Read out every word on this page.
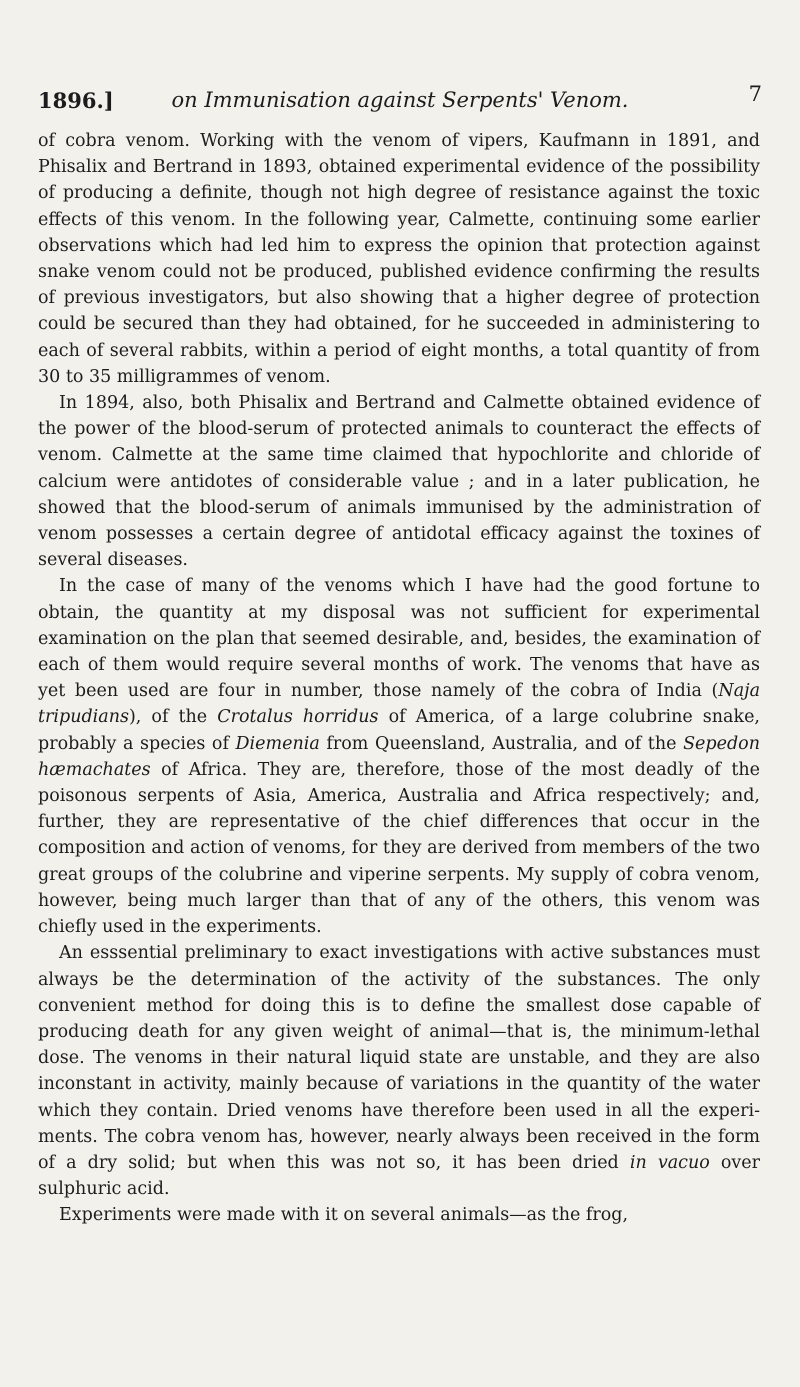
1896.]	on Immunisation against Serpents' Venom.	7

of cobra venom. Working with the venom of vipers, Kaufmann in 1891, and Phisalix and Bertrand in 1893, obtained experimental evidence of the possibility of producing a definite, though not high degree of resistance against the toxic effects of this venom. In the following year, Calmette, continuing some earlier observations which had led him to express the opinion that protection against snake venom could not be produced, published evidence confirming the results of previous investigators, but also showing that a higher degree of protection could be secured than they had obtained, for he succeeded in administering to each of several rabbits, within a period of eight months, a total quantity of from 30 to 35 milligrammes of venom.

In 1894, also, both Phisalix and Bertrand and Calmette obtained evidence of the power of the blood-serum of protected animals to counteract the effects of venom. Calmette at the same time claimed that hypochlorite and chloride of calcium were antidotes of considerable value ; and in a later publication, he showed that the blood-serum of animals immunised by the administration of venom possesses a certain degree of antidotal efficacy against the toxines of several diseases.

In the case of many of the venoms which I have had the good fortune to obtain, the quantity at my disposal was not sufficient for experimental examination on the plan that seemed desirable, and, besides, the examination of each of them would require several months of work. The venoms that have as yet been used are four in number, those namely of the cobra of India (Naja tripudians), of the Crotalus horridus of America, of a large colubrine snake, probably a species of Diemenia from Queensland, Australia, and of the Sepedon hæmachates of Africa. They are, therefore, those of the most deadly of the poisonous serpents of Asia, America, Australia and Africa respectively; and, further, they are representative of the chief differences that occur in the composition and action of venoms, for they are derived from members of the two great groups of the colubrine and viperine serpents. My supply of cobra venom, however, being much larger than that of any of the others, this venom was chiefly used in the experiments.

An esssential preliminary to exact investigations with active substances must always be the determination of the activity of the substances. The only convenient method for doing this is to define the smallest dose capable of producing death for any given weight of animal—that is, the minimum-lethal dose. The venoms in their natural liquid state are unstable, and they are also inconstant in activity, mainly because of variations in the quantity of the water which they contain. Dried venoms have therefore been used in all the experiments. The cobra venom has, however, nearly always been received in the form of a dry solid; but when this was not so, it has been dried in vacuo over sulphuric acid.

Experiments were made with it on several animals—as the frog,
